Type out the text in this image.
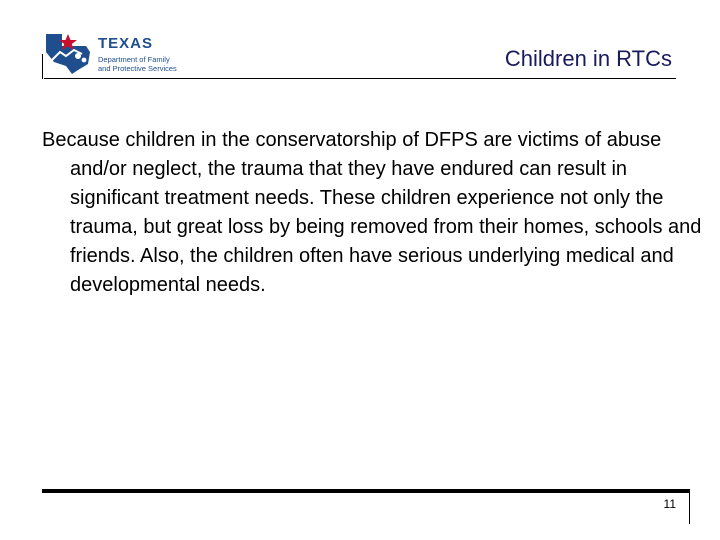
TEXAS
Department of Family
and Protective Services	Children in RTCs
Because children in the conservatorship of DFPS are victims of abuse and/or neglect, the trauma that they have endured can result in significant treatment needs. These children experience not only the trauma, but great loss by being removed from their homes, schools and friends. Also, the children often have serious underlying medical and developmental needs.
11
